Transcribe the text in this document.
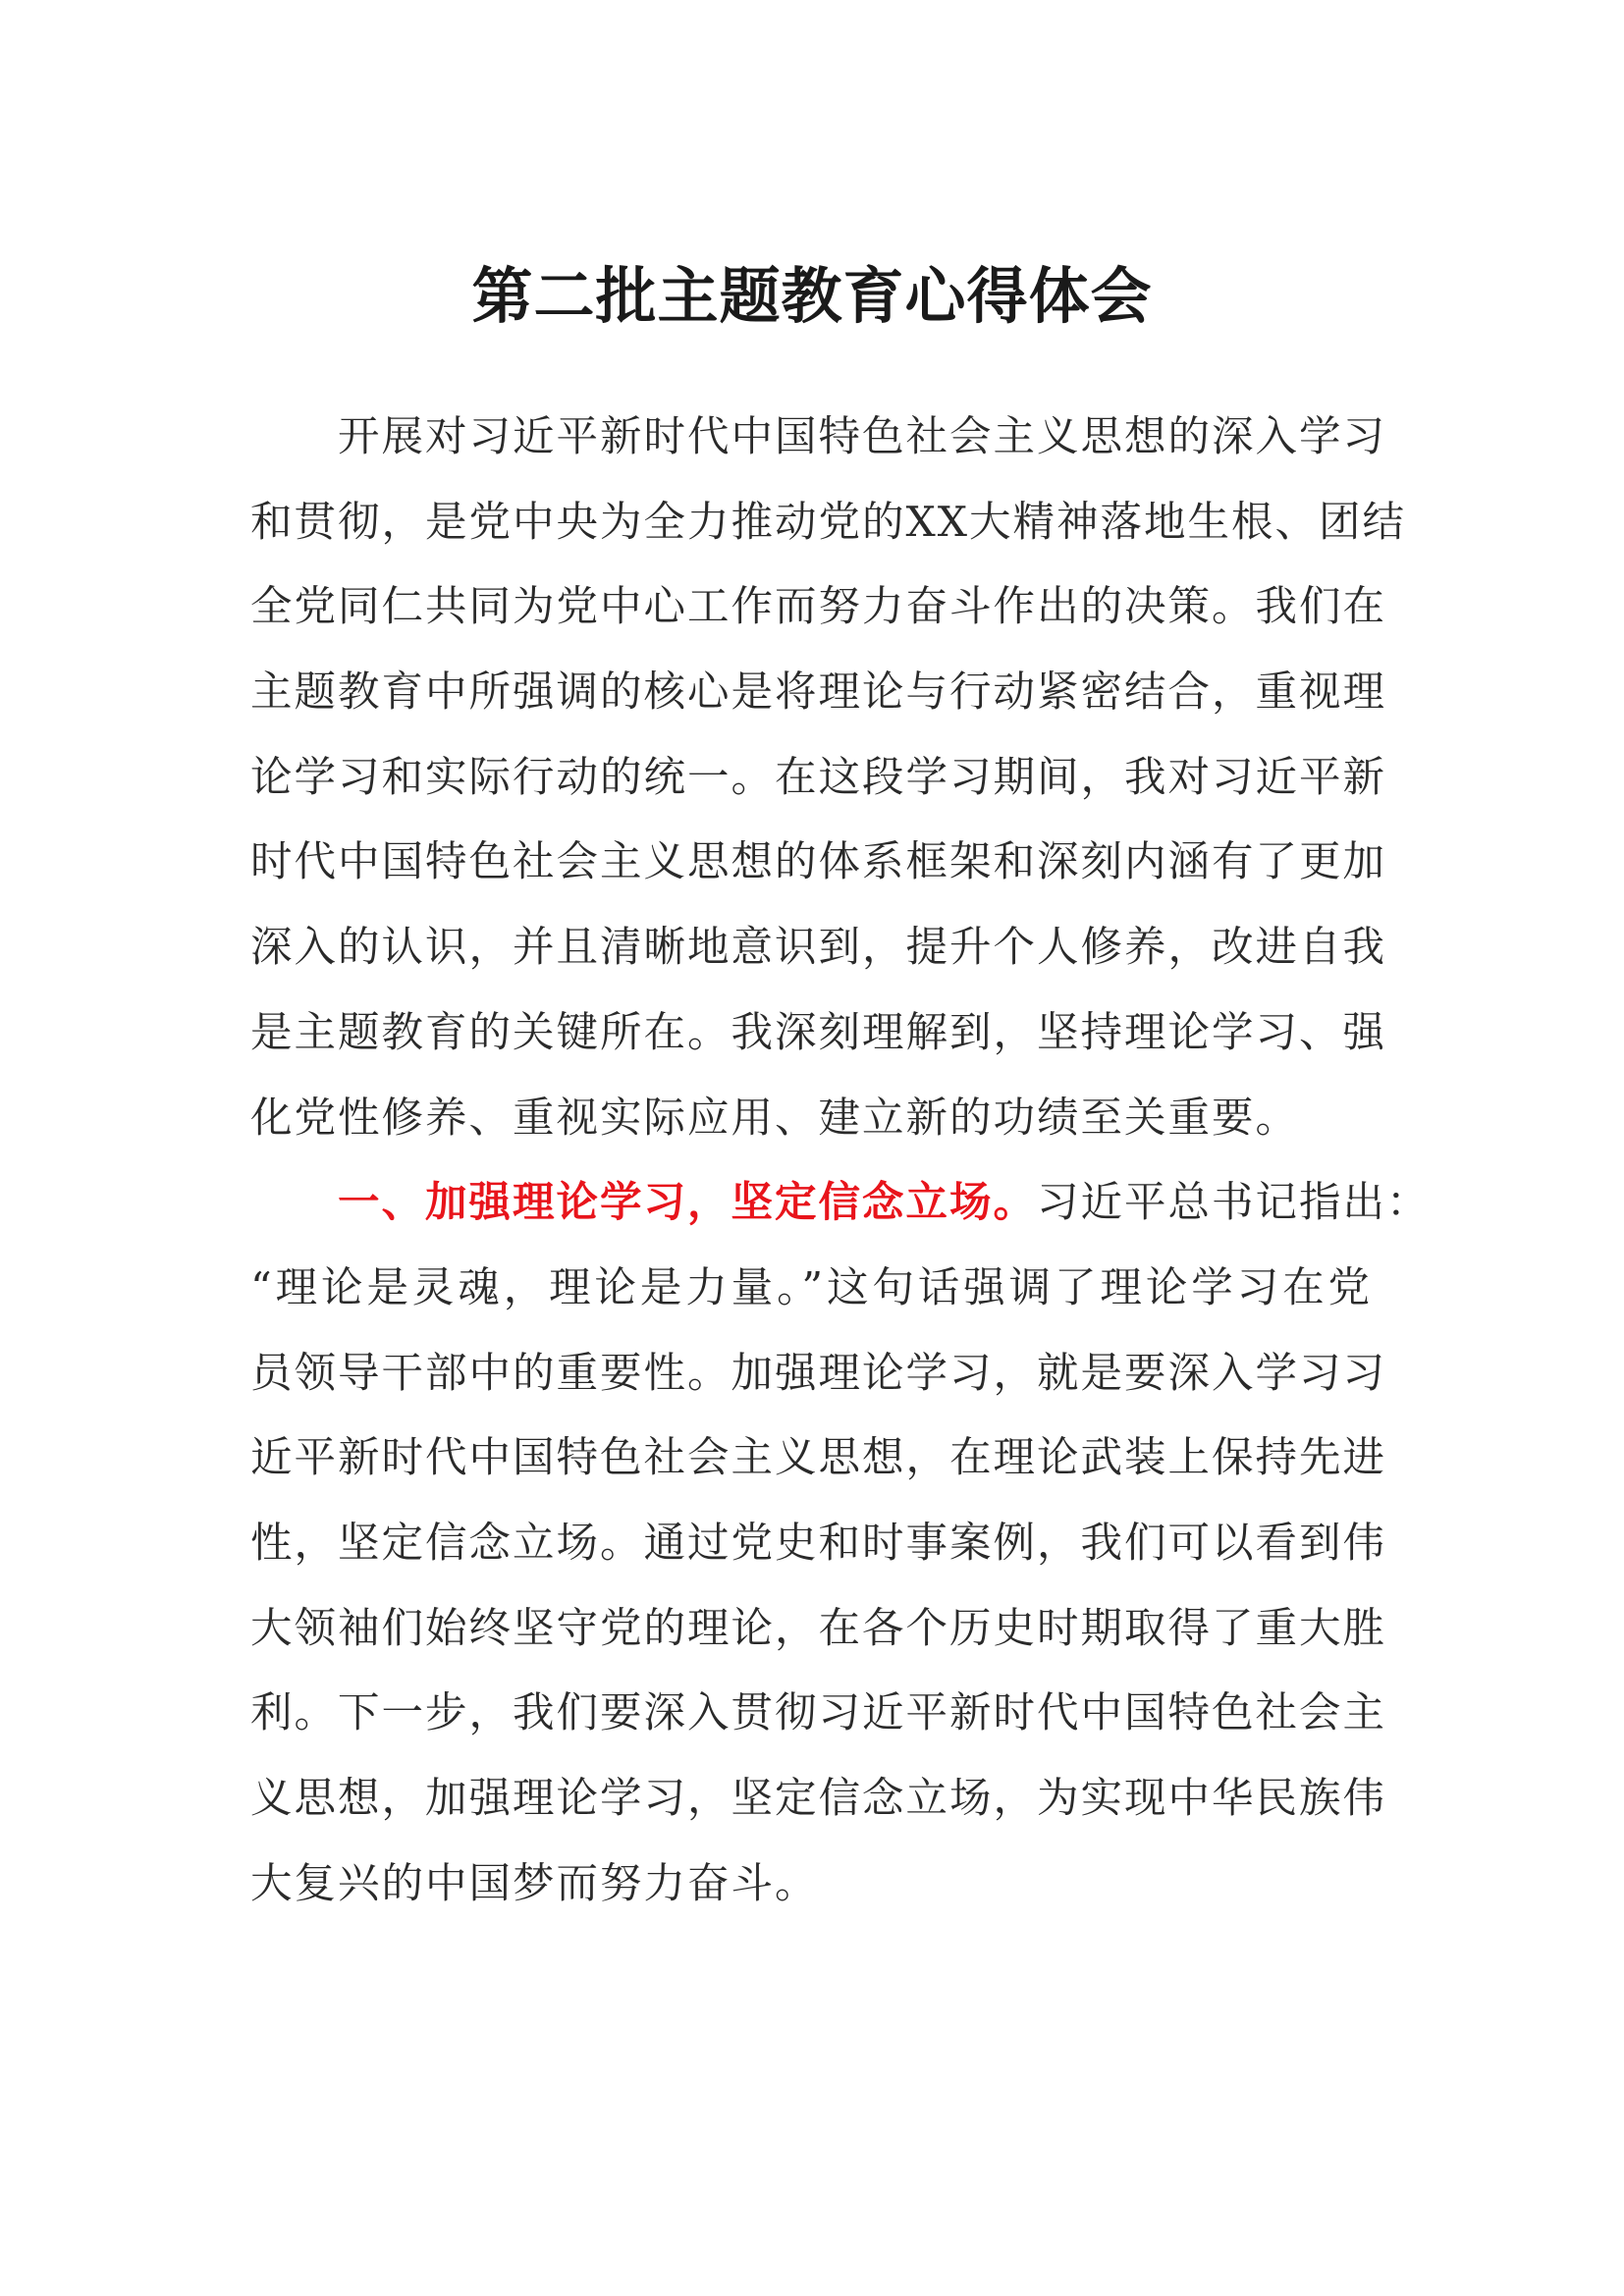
第二批主题教育心得体会
　　开展对习近平新时代中国特色社会主义思想的深入学习
和贯彻，是党中央为全力推动党的XX大精神落地生根、团结
全党同仁共同为党中心工作而努力奋斗作出的决策。我们在
主题教育中所强调的核心是将理论与行动紧密结合，重视理
论学习和实际行动的统一。在这段学习期间，我对习近平新
时代中国特色社会主义思想的体系框架和深刻内涵有了更加
深入的认识，并且清晰地意识到，提升个人修养，改进自我
是主题教育的关键所在。我深刻理解到，坚持理论学习、强
化党性修养、重视实际应用、建立新的功绩至关重要。
　　一、加强理论学习，坚定信念立场。习近平总书记指出：
“理论是灵魂，理论是力量。”这句话强调了理论学习在党
员领导干部中的重要性。加强理论学习，就是要深入学习习
近平新时代中国特色社会主义思想，在理论武装上保持先进
性，坚定信念立场。通过党史和时事案例，我们可以看到伟
大领袖们始终坚守党的理论，在各个历史时期取得了重大胜
利。下一步，我们要深入贯彻习近平新时代中国特色社会主
义思想，加强理论学习，坚定信念立场，为实现中华民族伟
大复兴的中国梦而努力奋斗。
